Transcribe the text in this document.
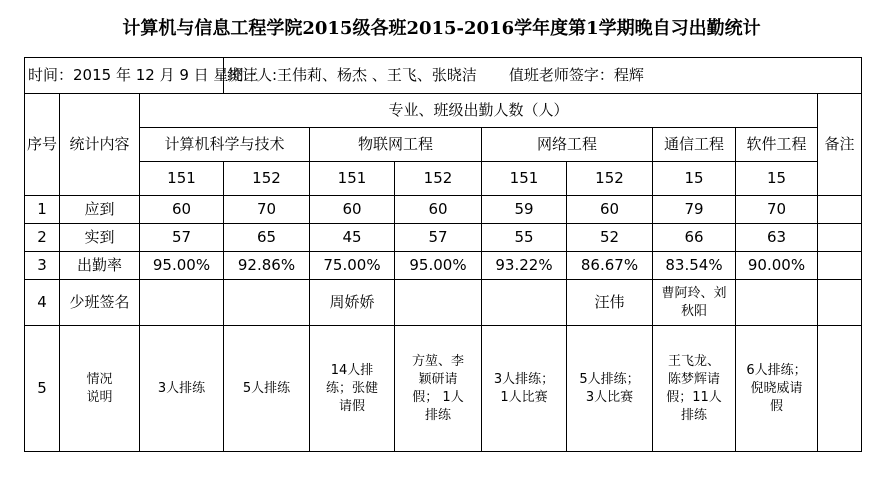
计算机与信息工程学院2015级各班2015-2016学年度第1学期晚自习出勤统计
时间：2015 年 12 月 9 日 星期三			统计人:王伟莉、杨杰 、王飞、张晓洁 值班老师签字：程辉							
序号	统计内容	专业、班级出勤人数（人）								备注
		计算机科学与技术		物联网工程		网络工程		通信工程	软件工程	
		151	152	151	152	151	152	15	15	
1	应到	60	70	60	60	59	60	79	70	
2	实到	57	65	45	57	55	52	66	63	
3	出勤率	95.00%	92.86%	75.00%	95.00%	93.22%	86.67%	83.54%	90.00%	
4	少班签名			周娇娇			汪伟	曹阿玲、刘秋阳		
5	情况说明	3人排练	5人排练	14人排练；张健请假	方堃、李颖研请假； 1人排练	3人排练；1人比赛	5人排练； 3人比赛	王飞龙、陈梦辉请假；11人排练	6人排练； 倪晓威请假	
